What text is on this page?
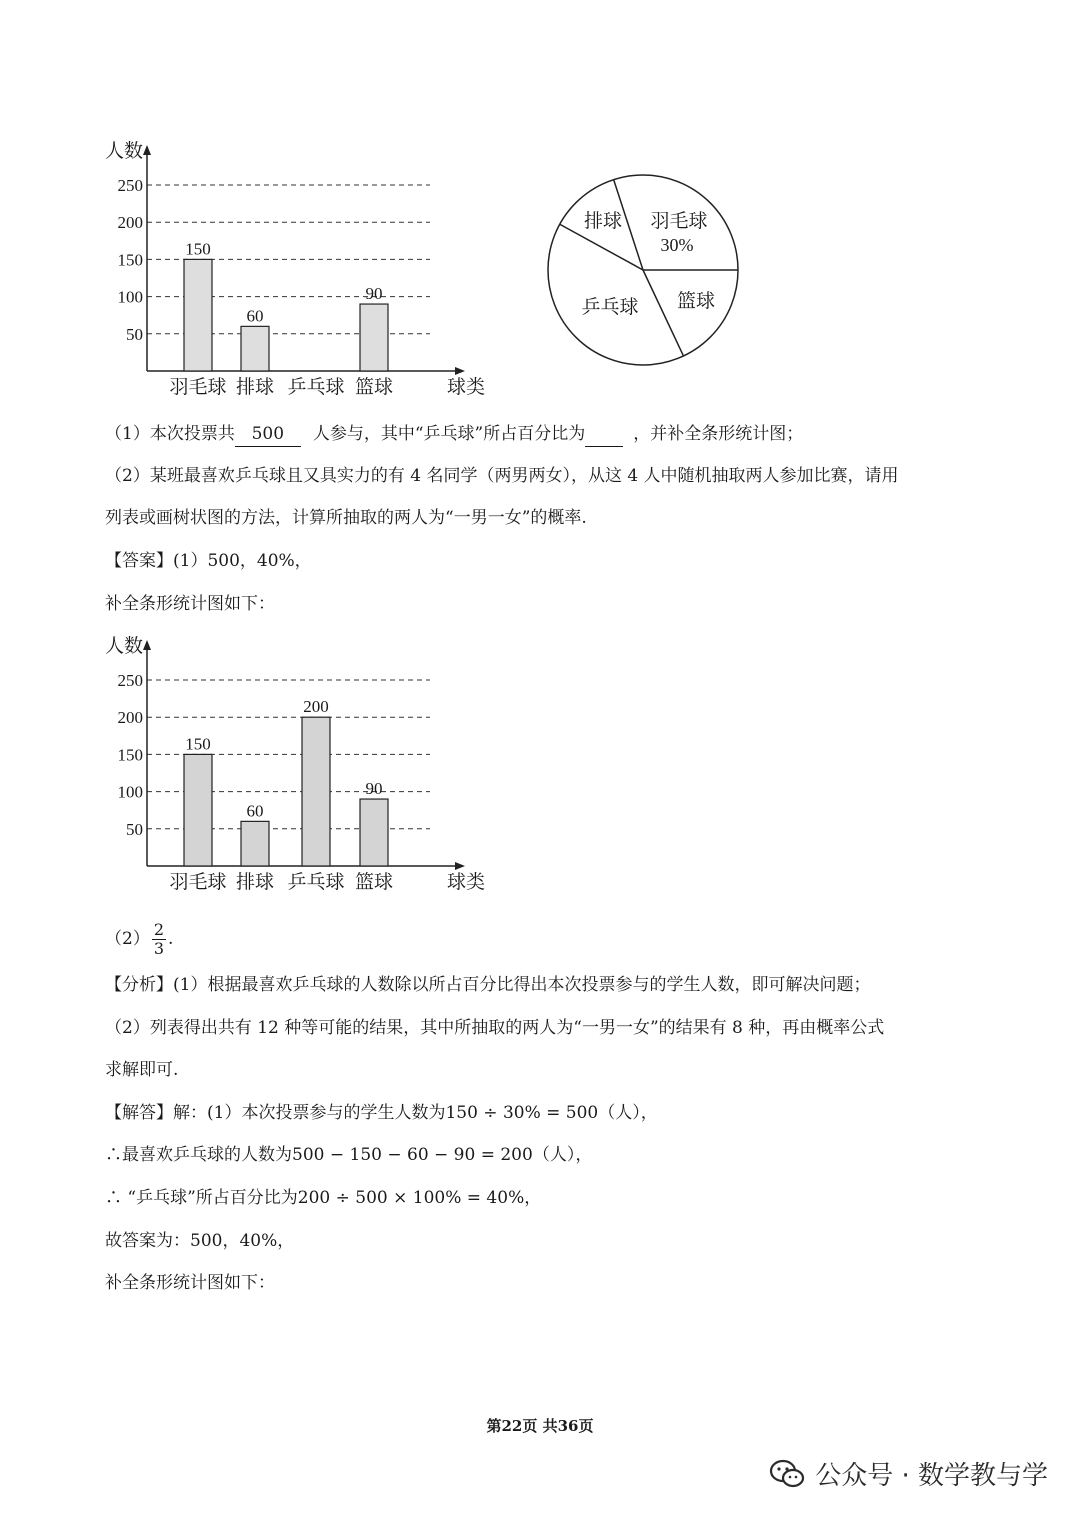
50
100
150
200
250
人数
球类
羽毛球
150
排球
60
乒乓球 篮球
90
羽毛球
30%
排球
乒乓球 篮球
（1）本次投票共 500 人参与，其中“乒乓球”所占百分比为	，并补全条形统计图；
（2）某班最喜欢乒乓球且又具实力的有 4 名同学（两男两女），从这 4 人中随机抽取两人参加比赛，请用
列表或画树状图的方法，计算所抽取的两人为“一男一女”的概率.
【答案】(1）500，40%，
补全条形统计图如下：
50
100
150
200
250
人数
球类
羽毛球
150
排球
60
乒乓球
200
篮球
90
$(2) \frac{2}{3}$ .
【分析】(1）根据最喜欢乒乓球的人数除以所占百分比得出本次投票参与的学生人数，即可解决问题；
（2）列表得出共有 12 种等可能的结果，其中所抽取的两人为“一男一女”的结果有 8 种，再由概率公式
求解即可.
【解答】解：(1）本次投票参与的学生人数为150 ÷ 30% = 500（人），
∴最喜欢乒乓球的人数为500 − 150 − 60 − 90 = 200（人），
∴ “乒乓球”所占百分比为200 ÷ 500 × 100% = 40%，
故答案为：500，40%，
补全条形统计图如下：
第22页 共36页
公众号 · 数学教与学
